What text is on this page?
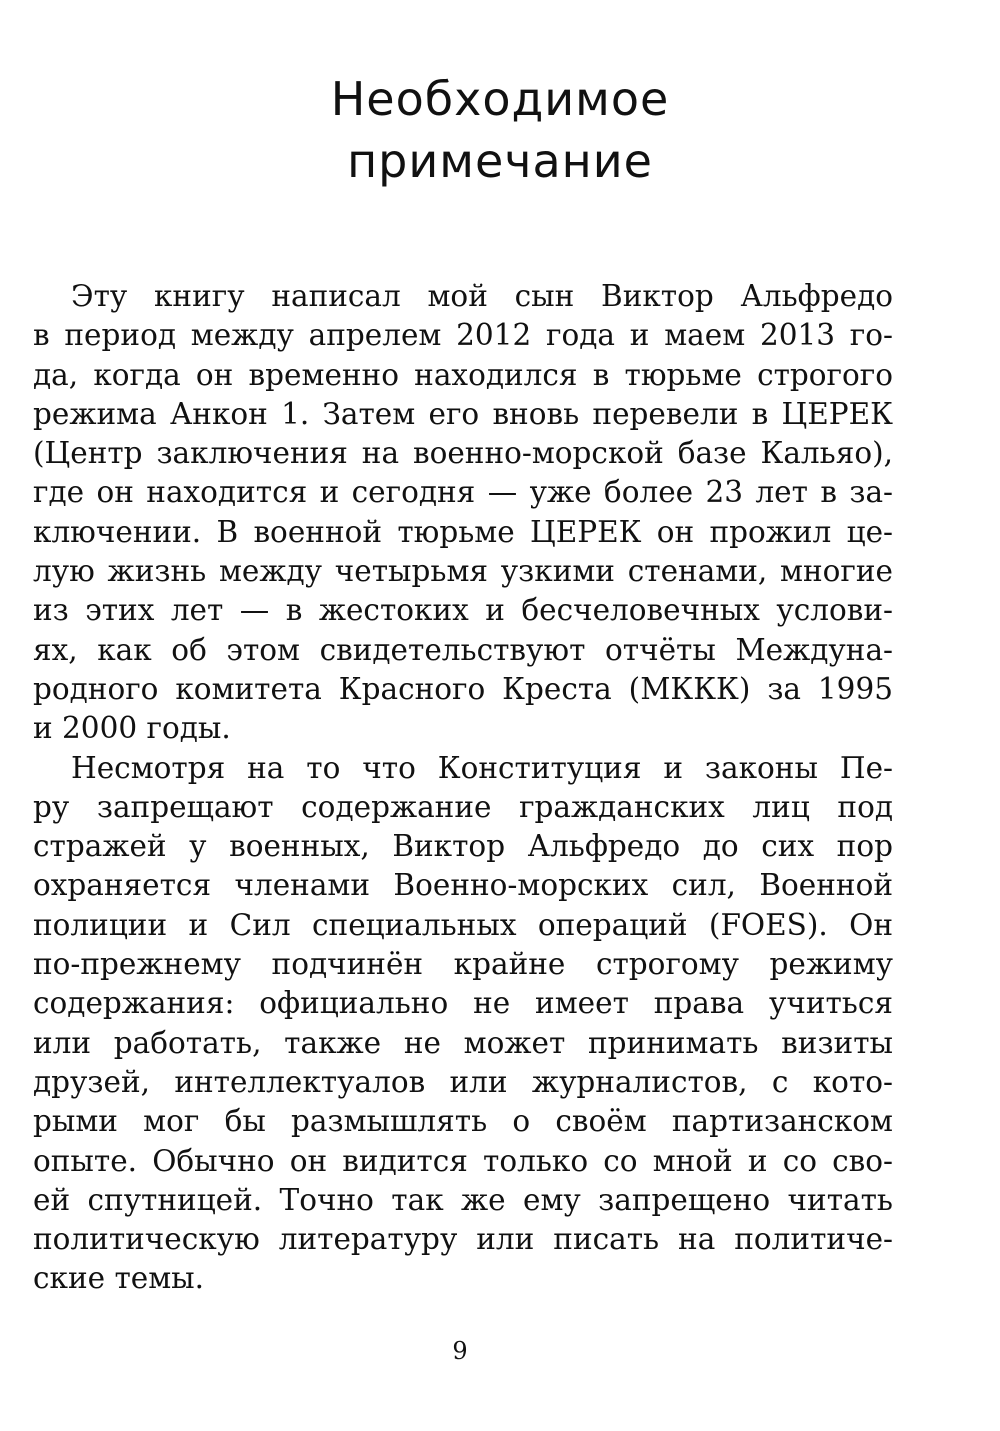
Необходимое
примечание
Эту книгу написал мой сын Виктор Альфредо
в период между апрелем 2012 года и маем 2013 го-
да, когда он временно находился в тюрьме строгого
режима Анкон 1. Затем его вновь перевели в ЦЕРЕК
(Центр заключения на военно-морской базе Кальяо),
где он находится и сегодня — уже более 23 лет в за-
ключении. В военной тюрьме ЦЕРЕК он прожил це-
лую жизнь между четырьмя узкими стенами, многие
из этих лет — в жестоких и бесчеловечных услови-
ях, как об этом свидетельствуют отчёты Междуна-
родного комитета Красного Креста (МККК) за 1995
и 2000 годы.
Несмотря на то что Конституция и законы Пе-
ру запрещают содержание гражданских лиц под
стражей у военных, Виктор Альфредо до сих пор
охраняется членами Военно-морских сил, Военной
полиции и Сил специальных операций (FOES). Он
по-прежнему подчинён крайне строгому режиму
содержания: официально не имеет права учиться
или работать, также не может принимать визиты
друзей, интеллектуалов или журналистов, с кото-
рыми мог бы размышлять о своём партизанском
опыте. Обычно он видится только со мной и со сво-
ей спутницей. Точно так же ему запрещено читать
политическую литературу или писать на политиче-
ские темы.
9
